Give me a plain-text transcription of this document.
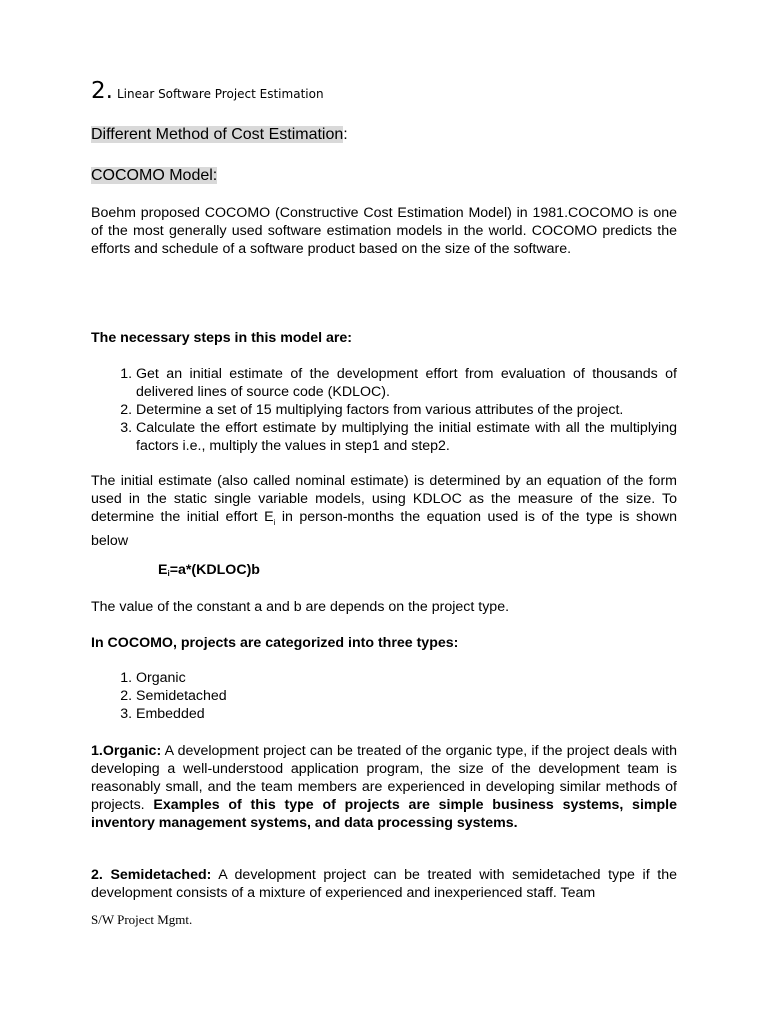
2. Linear Software Project Estimation
Different Method of Cost Estimation:
COCOMO Model:
Boehm proposed COCOMO (Constructive Cost Estimation Model) in 1981.COCOMO is one of the most generally used software estimation models in the world. COCOMO predicts the efforts and schedule of a software product based on the size of the software.
The necessary steps in this model are:
1. Get an initial estimate of the development effort from evaluation of thousands of delivered lines of source code (KDLOC).
2. Determine a set of 15 multiplying factors from various attributes of the project.
3. Calculate the effort estimate by multiplying the initial estimate with all the multiplying factors i.e., multiply the values in step1 and step2.
The initial estimate (also called nominal estimate) is determined by an equation of the form used in the static single variable models, using KDLOC as the measure of the size. To determine the initial effort $E_i$ in person-months the equation used is of the type is shown below
$E_i=a*(KDLOC)b$
The value of the constant a and b are depends on the project type.
In COCOMO, projects are categorized into three types:
1. Organic
2. Semidetached
3. Embedded
1.Organic: A development project can be treated of the organic type, if the project deals with developing a well-understood application program, the size of the development team is reasonably small, and the team members are experienced in developing similar methods of projects. Examples of this type of projects are simple business systems, simple inventory management systems, and data processing systems.
2. Semidetached: A development project can be treated with semidetached type if the development consists of a mixture of experienced and inexperienced staff. Team
S/W Project Mgmt.
